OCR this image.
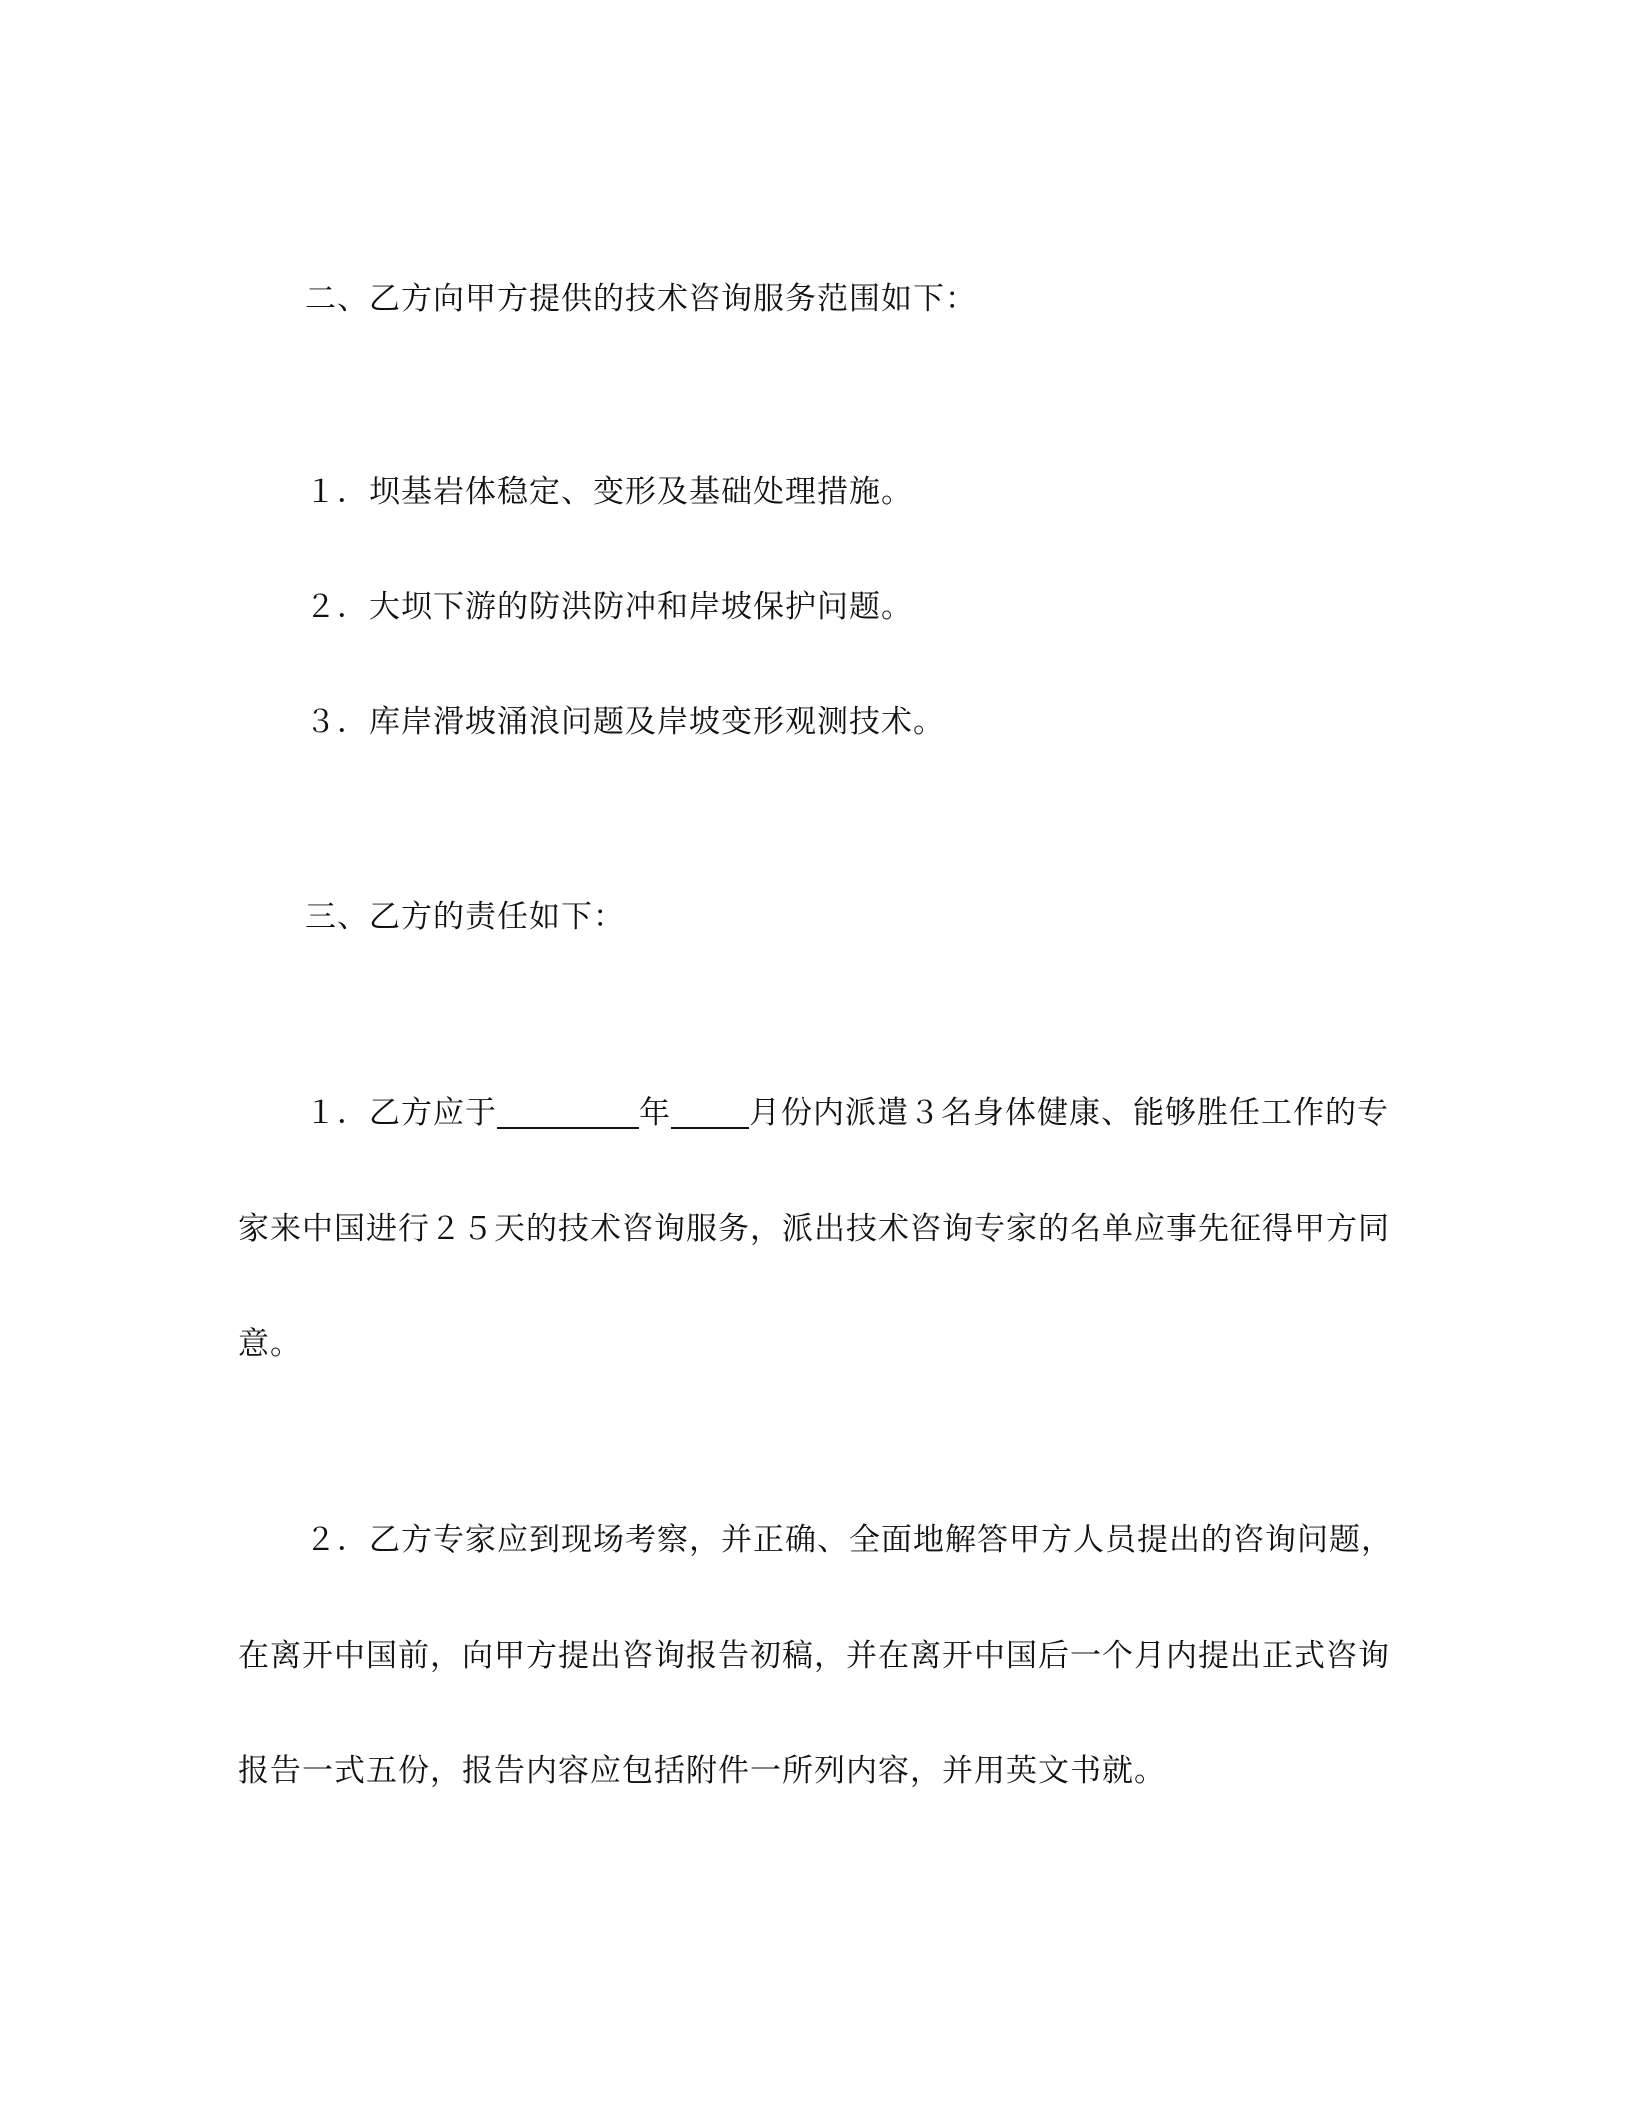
二、乙方向甲方提供的技术咨询服务范围如下：
１．坝基岩体稳定、变形及基础处理措施。
２．大坝下游的防洪防冲和岸坡保护问题。
３．库岸滑坡涌浪问题及岸坡变形观测技术。
三、乙方的责任如下：
１．乙方应于	年	月份内派遣３名身体健康、能够胜任工作的专
家来中国进行２５天的技术咨询服务，派出技术咨询专家的名单应事先征得甲方同
意。
２．乙方专家应到现场考察，并正确、全面地解答甲方人员提出的咨询问题，
在离开中国前，向甲方提出咨询报告初稿，并在离开中国后一个月内提出正式咨询
报告一式五份，报告内容应包括附件一所列内容，并用英文书就。
